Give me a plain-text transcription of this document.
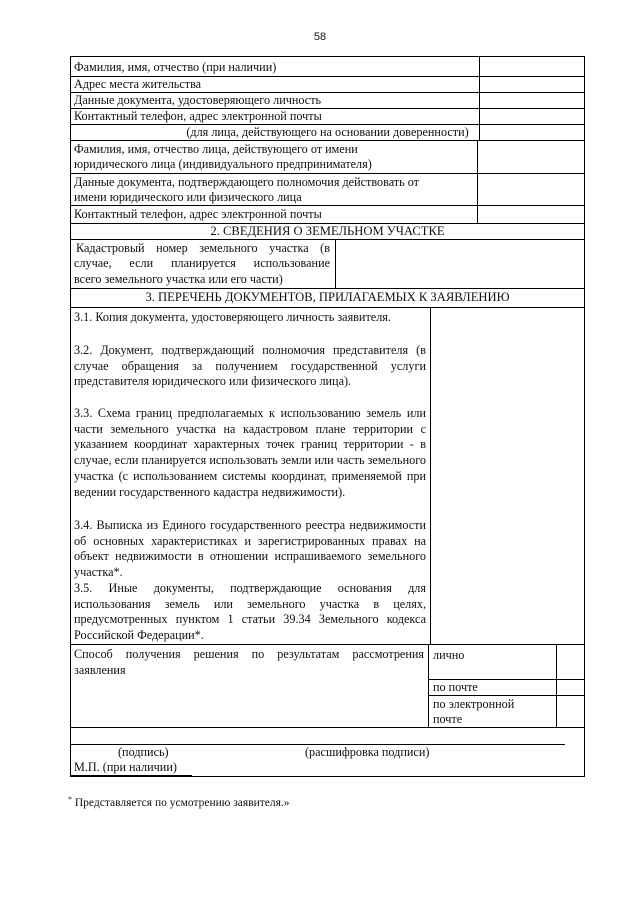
58
Фамилия, имя, отчество (при наличии)
Адрес места жительства
Данные документа, удостоверяющего личность
Контактный телефон, адрес электронной почты
(для лица, действующего на основании доверенности)
Фамилия, имя, отчество лица, действующего от имени
юридического лица (индивидуального предпринимателя)
Данные документа, подтверждающего полномочия действовать от
имени юридического или физического лица
Контактный телефон, адрес электронной почты
2. СВЕДЕНИЯ О ЗЕМЕЛЬНОМ УЧАСТКЕ
Кадастровый номер земельного участка (в
случае, если планируется использование
всего земельного участка или его части)
3. ПЕРЕЧЕНЬ ДОКУМЕНТОВ, ПРИЛАГАЕМЫХ К ЗАЯВЛЕНИЮ
3.1. Копия документа, удостоверяющего личность заявителя.
3.2. Документ, подтверждающий полномочия представителя (в случае обращения за получением государственной услуги представителя юридического или физического лица).
3.3. Схема границ предполагаемых к использованию земель или части земельного участка на кадастровом плане территории с указанием координат характерных точек границ территории - в случае, если планируется использовать земли или часть земельного участка (с использованием системы координат, применяемой при ведении государственного кадастра недвижимости).
3.4. Выписка из Единого государственного реестра недвижимости об основных характеристиках и зарегистрированных правах на объект недвижимости в отношении испрашиваемого земельного участка*.
3.5. Иные документы, подтверждающие основания для использования земель или земельного участка в целях, предусмотренных пунктом 1 статьи 39.34 Земельного кодекса Российской Федерации*.
Способ получения решения по результатам рассмотрения
заявления
лично
по почте
по электронной
почте
(подпись)	(расшифровка подписи)
М.П. (при наличии)
* Представляется по усмотрению заявителя.»
